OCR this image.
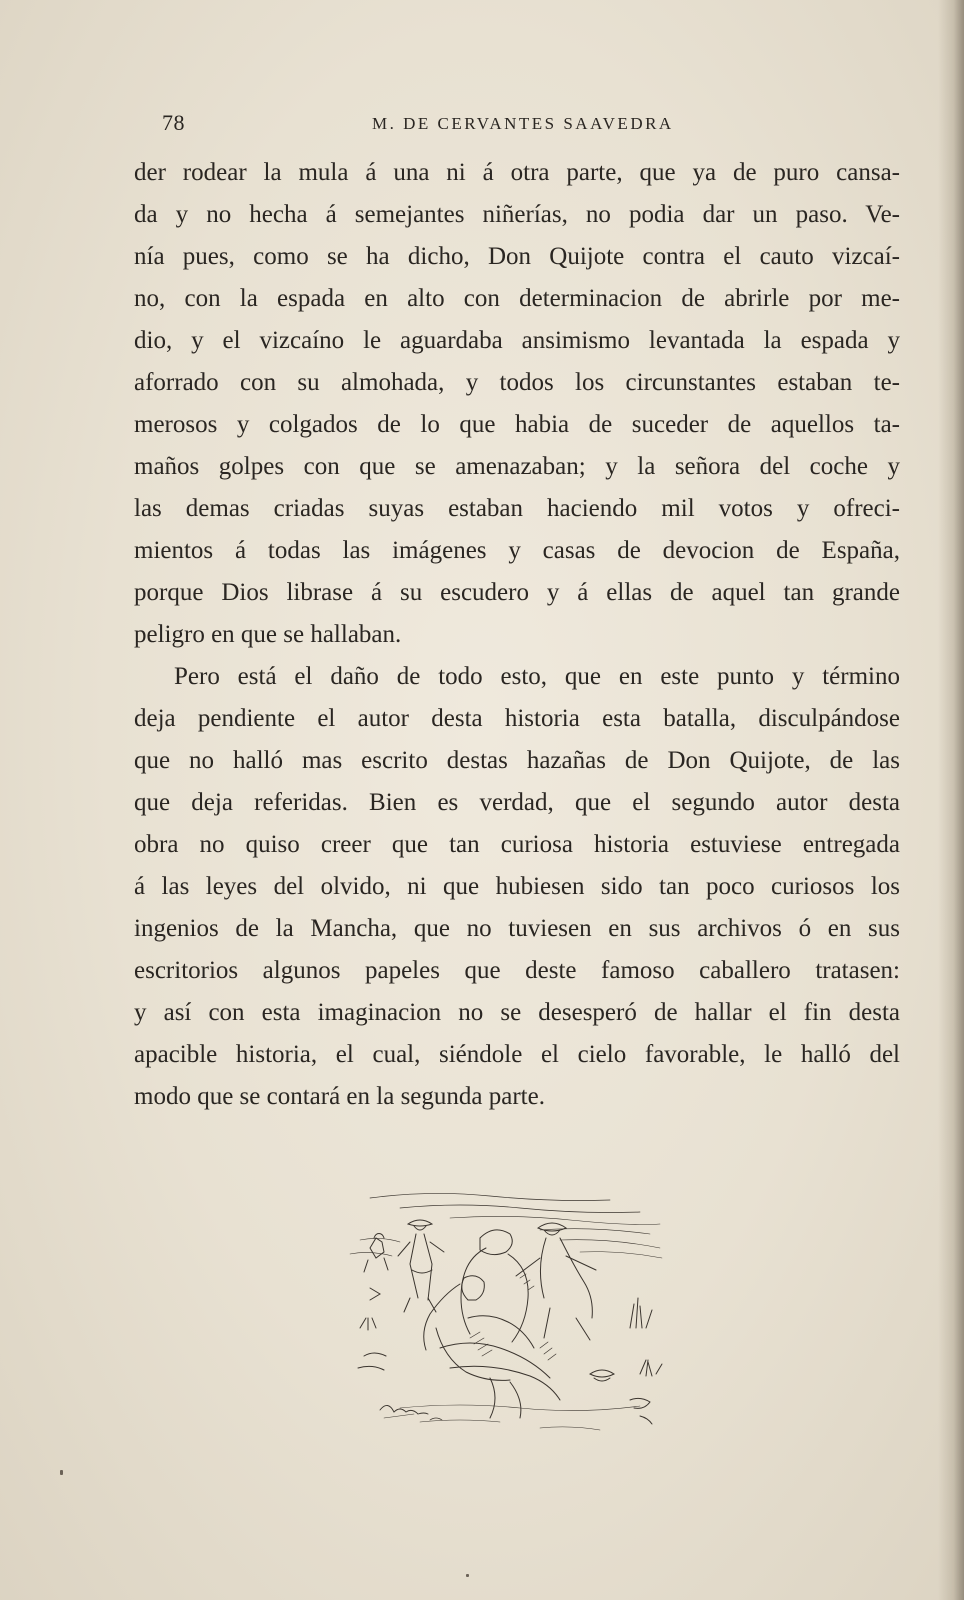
78	M. DE CERVANTES SAAVEDRA
der rodear la mula á una ni á otra parte, que ya de puro cansa-
da y no hecha á semejantes niñerías, no podia dar un paso. Ve-
nía pues, como se ha dicho, Don Quijote contra el cauto vizcaí-
no, con la espada en alto con determinacion de abrirle por me-
dio, y el vizcaíno le aguardaba ansimismo levantada la espada y
aforrado con su almohada, y todos los circunstantes estaban te-
merosos y colgados de lo que habia de suceder de aquellos ta-
maños golpes con que se amenazaban; y la señora del coche y
las demas criadas suyas estaban haciendo mil votos y ofreci-
mientos á todas las imágenes y casas de devocion de España,
porque Dios librase á su escudero y á ellas de aquel tan grande
peligro en que se hallaban.
Pero está el daño de todo esto, que en este punto y término
deja pendiente el autor desta historia esta batalla, disculpándose
que no halló mas escrito destas hazañas de Don Quijote, de las
que deja referidas. Bien es verdad, que el segundo autor desta
obra no quiso creer que tan curiosa historia estuviese entregada
á las leyes del olvido, ni que hubiesen sido tan poco curiosos los
ingenios de la Mancha, que no tuviesen en sus archivos ó en sus
escritorios algunos papeles que deste famoso caballero tratasen:
y así con esta imaginacion no se desesperó de hallar el fin desta
apacible historia, el cual, siéndole el cielo favorable, le halló del
modo que se contará en la segunda parte.
